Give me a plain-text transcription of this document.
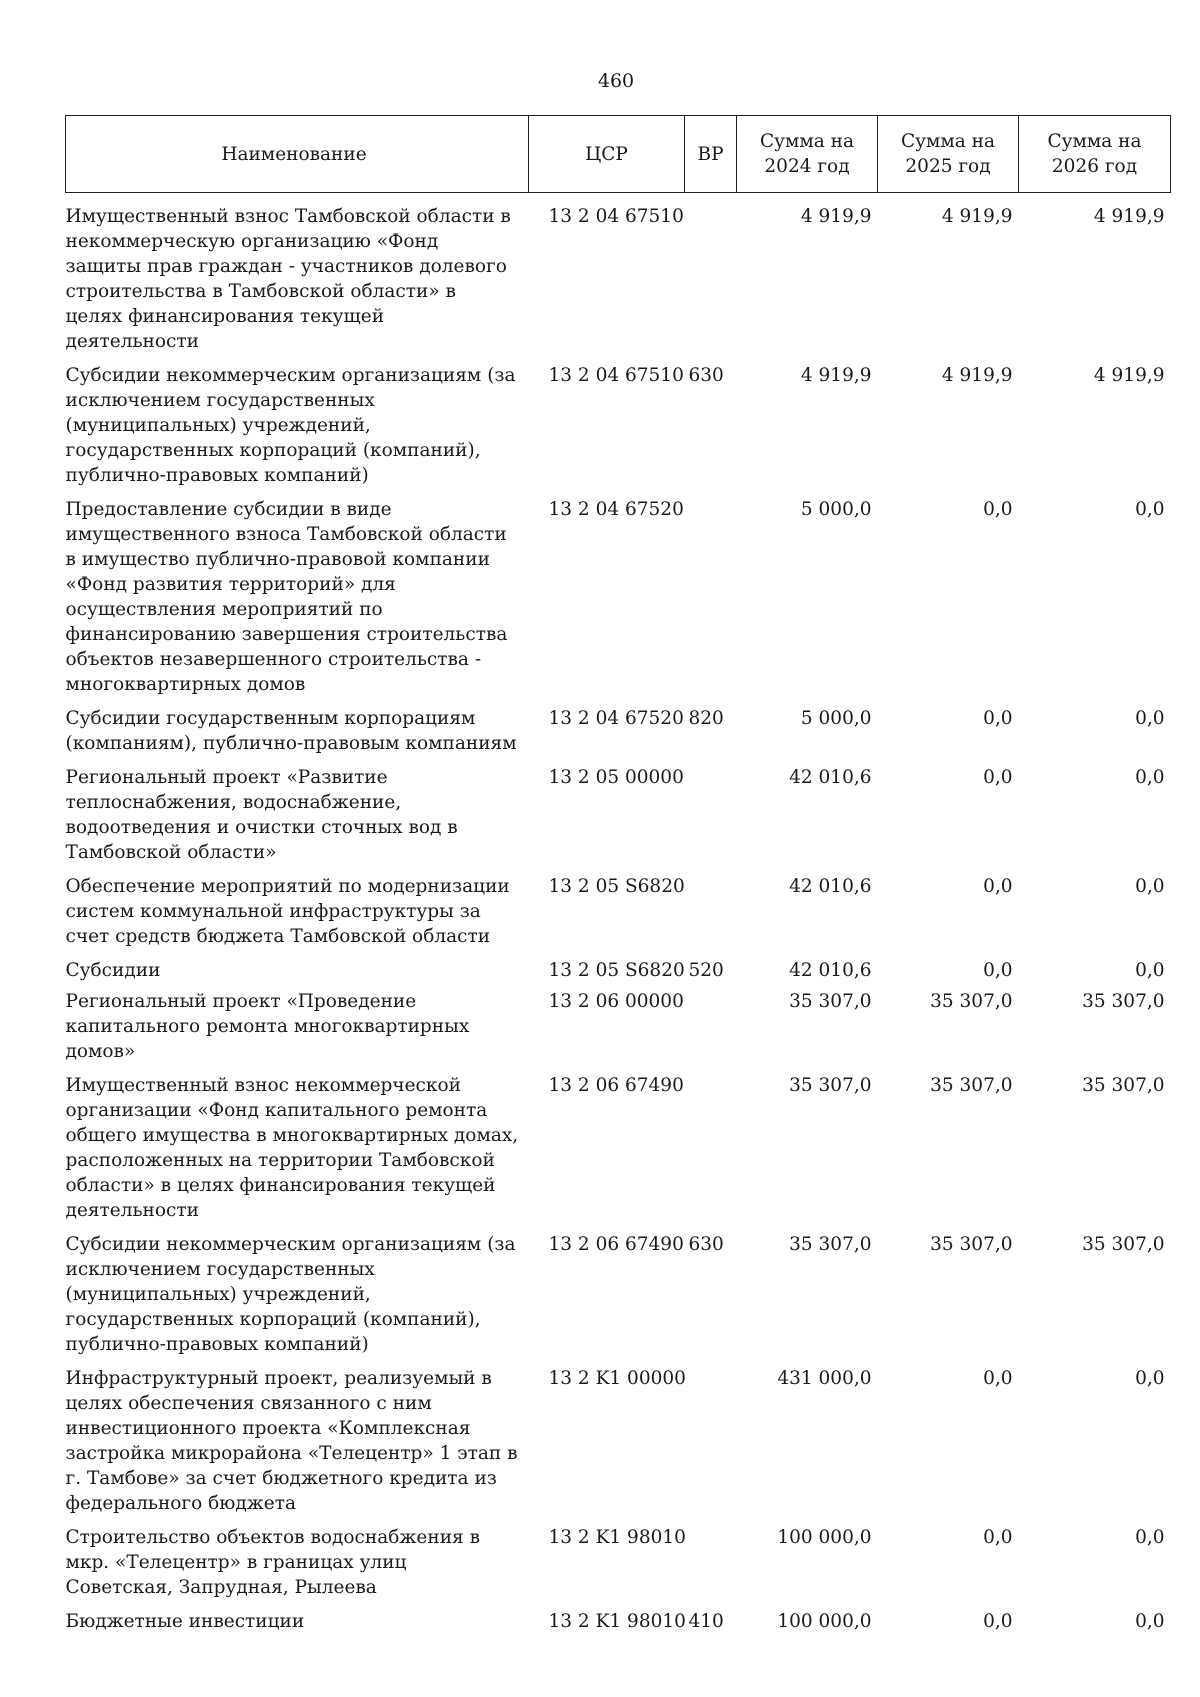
460
Наименование	ЦСР	ВР	Сумма на 2024 год	Сумма на 2025 год	Сумма на 2026 год
Имущественный взнос Тамбовской области в некоммерческую организацию «Фонд защиты прав граждан - участников долевого строительства в Тамбовской области» в целях финансирования текущей деятельности	13 2 04 67510		4 919,9	4 919,9	4 919,9
Субсидии некоммерческим организациям (за исключением государственных (муниципальных) учреждений, государственных корпораций (компаний), публично-правовых компаний)	13 2 04 67510	630	4 919,9	4 919,9	4 919,9
Предоставление субсидии в виде имущественного взноса Тамбовской области в имущество публично-правовой компании «Фонд развития территорий» для осуществления мероприятий по финансированию завершения строительства объектов незавершенного строительства - многоквартирных домов	13 2 04 67520		5 000,0	0,0	0,0
Субсидии государственным корпорациям (компаниям), публично-правовым компаниям	13 2 04 67520	820	5 000,0	0,0	0,0
Региональный проект «Развитие теплоснабжения, водоснабжение, водоотведения и очистки сточных вод в Тамбовской области»	13 2 05 00000		42 010,6	0,0	0,0
Обеспечение мероприятий по модернизации систем коммунальной инфраструктуры за счет средств бюджета Тамбовской области	13 2 05 S6820		42 010,6	0,0	0,0
Субсидии	13 2 05 S6820	520	42 010,6	0,0	0,0
Региональный проект «Проведение капитального ремонта многоквартирных домов»	13 2 06 00000		35 307,0	35 307,0	35 307,0
Имущественный взнос некоммерческой организации «Фонд капитального ремонта общего имущества в многоквартирных домах, расположенных на территории Тамбовской области» в целях финансирования текущей деятельности	13 2 06 67490		35 307,0	35 307,0	35 307,0
Субсидии некоммерческим организациям (за исключением государственных (муниципальных) учреждений, государственных корпораций (компаний), публично-правовых компаний)	13 2 06 67490	630	35 307,0	35 307,0	35 307,0
Инфраструктурный проект, реализуемый в целях обеспечения связанного с ним инвестиционного проекта «Комплексная застройка микрорайона «Телецентр» 1 этап в г. Тамбове» за счет бюджетного кредита из федерального бюджета	13 2 K1 00000		431 000,0	0,0	0,0
Строительство объектов водоснабжения в мкр. «Телецентр» в границах улиц Советская, Запрудная, Рылеева	13 2 K1 98010		100 000,0	0,0	0,0
Бюджетные инвестиции	13 2 K1 98010	410	100 000,0	0,0	0,0
